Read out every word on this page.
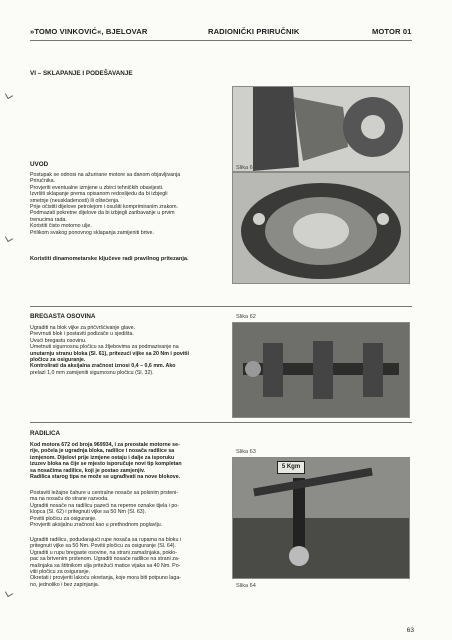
»TOMO VINKOVIĆ«, BJELOVAR	RADIONIČKI PRIRUČNIK	MOTOR 01
VI – SKLAPANJE I PODEŠAVANJE
Slika 61
UVOD
Postupak se odnosi na ažurirane motore sa danom objavljivanja
Priručnika.
Provjeriti eventualne izmjene u zbirci tehničkih obavijesti.
Izvršiti sklapanje prema opisanom redoslijedu da bi izbjegli
smetnje (neuskladenosti) ili oštećenja.
Prije očistiti dijelove petrolejom i osušiti komprimiranim zrakom.
Podmazati pokretne dijelove da bi izbjegli zaribavanje u prvim
trenucima rada.
Koristiti čisto motorno ulje.
Prilikom svakog ponovnog sklapanja zamijeniti brtve.
Koristiti dinamometarske ključeve radi pravilnog pritezanja.
BREGASTA OSOVINA	Slika 62
Ugraditi na blok vijke za pričvršćivanje glave.
Prevrnuti blok i postaviti podizače u sjedišta.
Uvući bregastu osovinu.
Umetnuti sigurnosnu pločicu sa žljebovima za podmazivanje na
unutarnju stranu bloka (Sl. 61), pritezući vijke sa 20 Nm i povitii
pločicu za osiguranje.
Kontrolirati da aksijalna zračnost iznosi 0,4 – 0,6 mm. Ako
prelazi 1,0 mm zamijeniti sigurnosnu pločicu (Sl. 32).
RADILICA
Kod motora 672 od broja 969934, i za preostale motorne se-
rije, počela je ugradnja bloka, radilice i nosača radilice sa
izmjenom. Dijelovi prije izmjene ostaju i dalje za isporuku
izuzev bloka na čije se mjesto isporučuje novi tip kompletan
sa nosačima radilice, koji je postao zamjenjiv.
Radilica starog tipa ne može se ugrađivati na nove blokove.
Postaviti ležajne čahure u centralne nosače sa polsnim prsteni-
ma na nosaču do strane razvoda.
Ugraditi nosače na radilicu pazeći na reperne oznake tijela i po-
klopca (Sl. 62) i pritegnuti vijke sa 50 Nm (Sl. 63).
Povitii pločicu za osiguranje.
Provjeriti aksijalnu zračnost kao u prethodnom poglavlju.
Ugraditi radilicu, podudarajući rupe nosača sa rupama na bloku i
pritegnuti vijke sa 50 Nm. Povitii pločicu za osiguranje (Sl. 64).
Ugraditi u rupu bregaste osovine, na strani zamašnjaka, pokło-
pac sa brtvenim prstenom. Ugraditi nosače radilice na strani za-
mašnjaka sa štitnikom ulja pritežući matice vijaka sa 40 Nm. Po-
vitii pločicu za osiguranje.
Okretati i provjeriti lakoću okretanja, koje mora biti potpuno laga-
no, jednolikо i bez zapinjanja.
Slika 63
5 Kgm
Slika 64
63
